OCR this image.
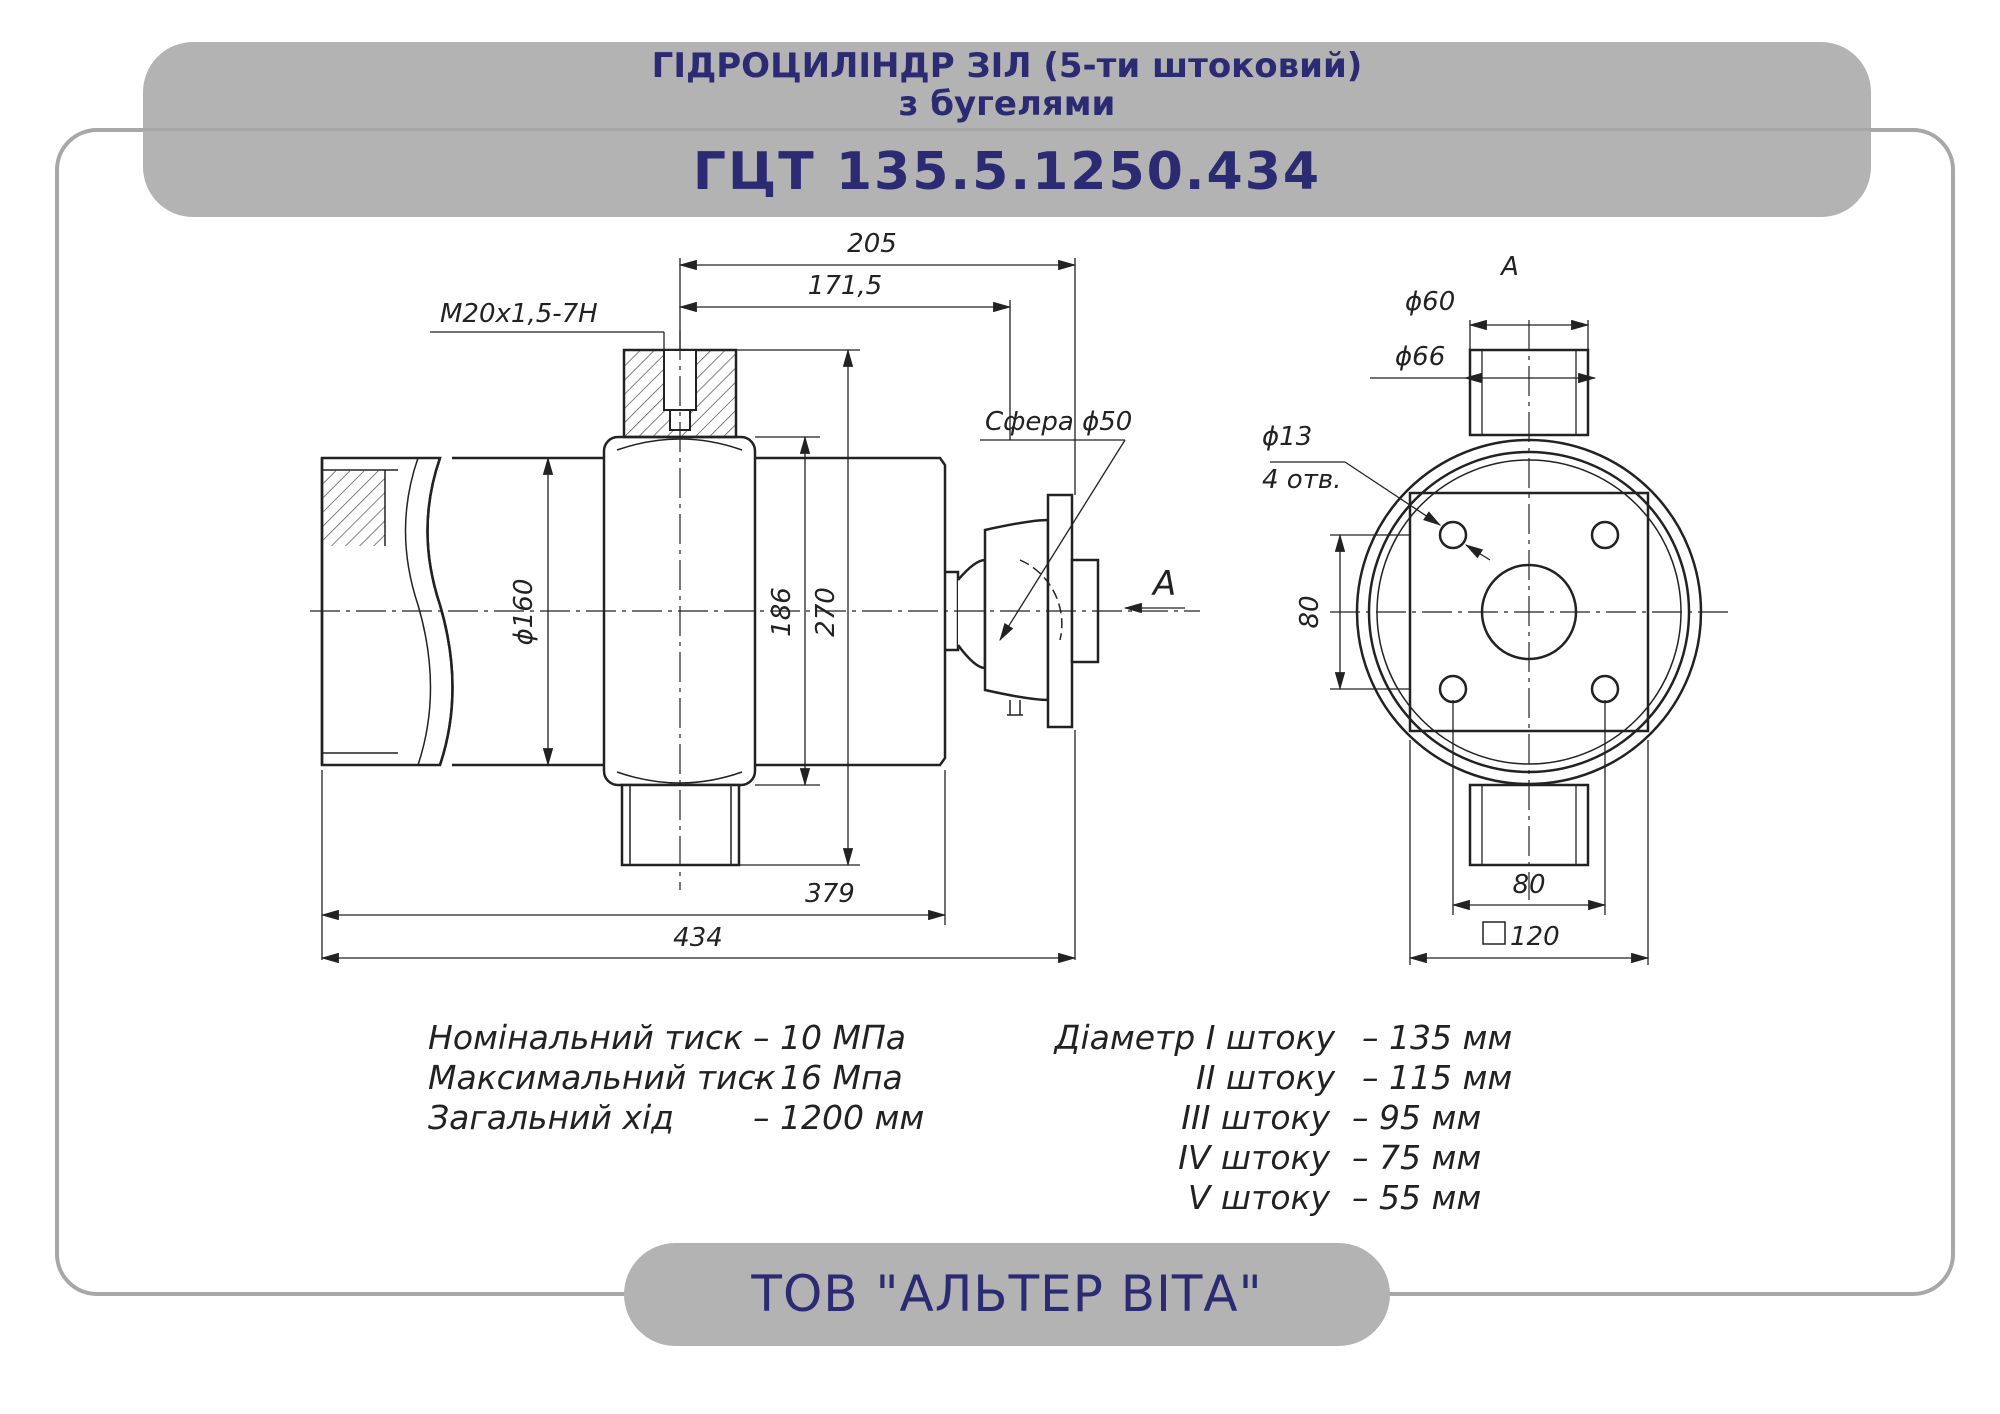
ГІДРОЦИЛІНДР ЗІЛ (5-ти штоковий)
з бугелями
ГЦТ 135.5.1250.434
205
171,5
M20x1,5-7H
Сфера ϕ50
ϕ160	186 270
379
434
A
A
ϕ60
ϕ66
ϕ13
4 отв.
80
80
120
Номінальний тиск – 10 МПа
Максимальний тиск
– 16 Мпа
Загальний хід – 1200 мм
Діаметр I штоку – 135 мм
II штоку – 115 мм
III штоку – 95 мм
IV штоку – 75 мм
V штоку – 55 мм
ТОВ "АЛЬТЕР ВІТА"
